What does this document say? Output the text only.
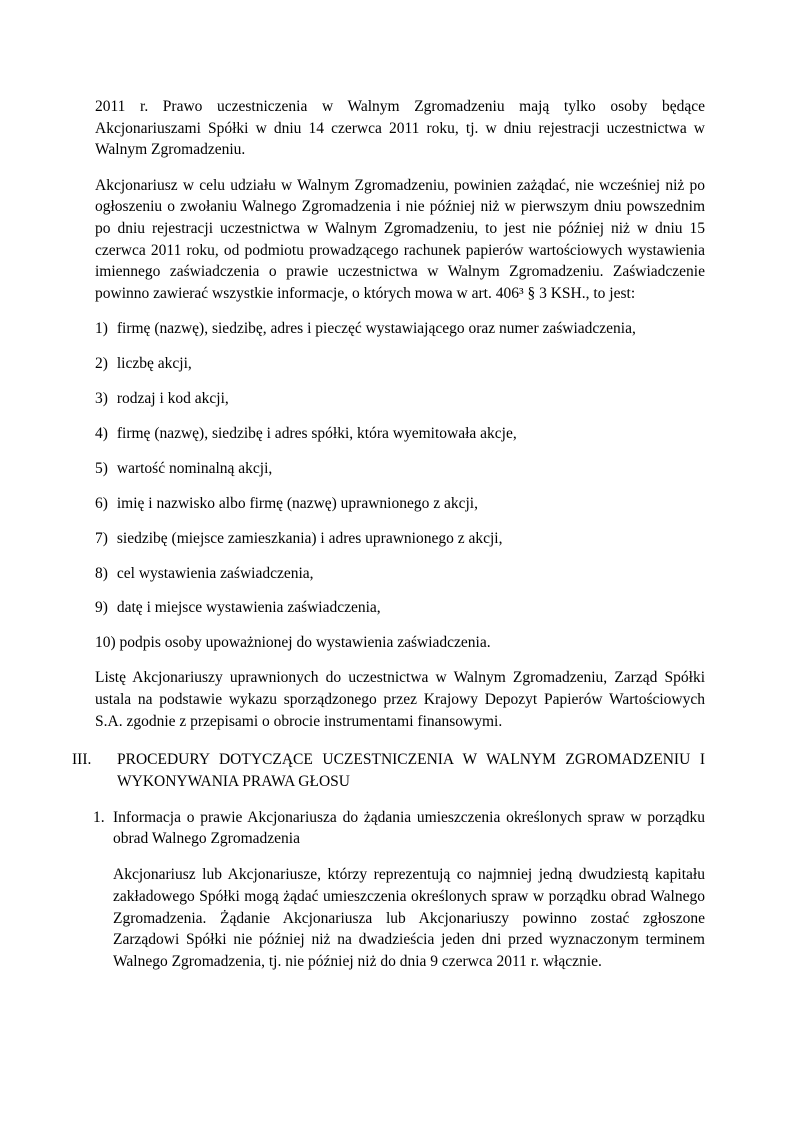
2011 r. Prawo uczestniczenia w Walnym Zgromadzeniu mają tylko osoby będące Akcjonariuszami Spółki w dniu 14 czerwca 2011 roku, tj. w dniu rejestracji uczestnictwa w Walnym Zgromadzeniu.

Akcjonariusz w celu udziału w Walnym Zgromadzeniu, powinien zażądać, nie wcześniej niż po ogłoszeniu o zwołaniu Walnego Zgromadzenia i nie później niż w pierwszym dniu powszednim po dniu rejestracji uczestnictwa w Walnym Zgromadzeniu, to jest nie później niż w dniu 15 czerwca 2011 roku, od podmiotu prowadzącego rachunek papierów wartościowych wystawienia imiennego zaświadczenia o prawie uczestnictwa w Walnym Zgromadzeniu. Zaświadczenie powinno zawierać wszystkie informacje, o których mowa w art. 406³ § 3 KSH., to jest:

1) firmę (nazwę), siedzibę, adres i pieczęć wystawiającego oraz numer zaświadczenia,

2) liczbę akcji,

3) rodzaj i kod akcji,

4) firmę (nazwę), siedzibę i adres spółki, która wyemitowała akcje,

5) wartość nominalną akcji,

6) imię i nazwisko albo firmę (nazwę) uprawnionego z akcji,

7) siedzibę (miejsce zamieszkania) i adres uprawnionego z akcji,

8) cel wystawienia zaświadczenia,

9) datę i miejsce wystawienia zaświadczenia,

10) podpis osoby upoważnionej do wystawienia zaświadczenia.

Listę Akcjonariuszy uprawnionych do uczestnictwa w Walnym Zgromadzeniu, Zarząd Spółki ustala na podstawie wykazu sporządzonego przez Krajowy Depozyt Papierów Wartościowych S.A. zgodnie z przepisami o obrocie instrumentami finansowymi.

III.	PROCEDURY DOTYCZĄCE UCZESTNICZENIA W WALNYM ZGROMADZENIU I WYKONYWANIA PRAWA GŁOSU
1. Informacja o prawie Akcjonariusza do żądania umieszczenia określonych spraw w porządku obrad Walnego Zgromadzenia

Akcjonariusz lub Akcjonariusze, którzy reprezentują co najmniej jedną dwudziestą kapitału zakładowego Spółki mogą żądać umieszczenia określonych spraw w porządku obrad Walnego Zgromadzenia. Żądanie Akcjonariusza lub Akcjonariuszy powinno zostać zgłoszone Zarządowi Spółki nie później niż na dwadzieścia jeden dni przed wyznaczonym terminem Walnego Zgromadzenia, tj. nie później niż do dnia 9 czerwca 2011 r. włącznie.
